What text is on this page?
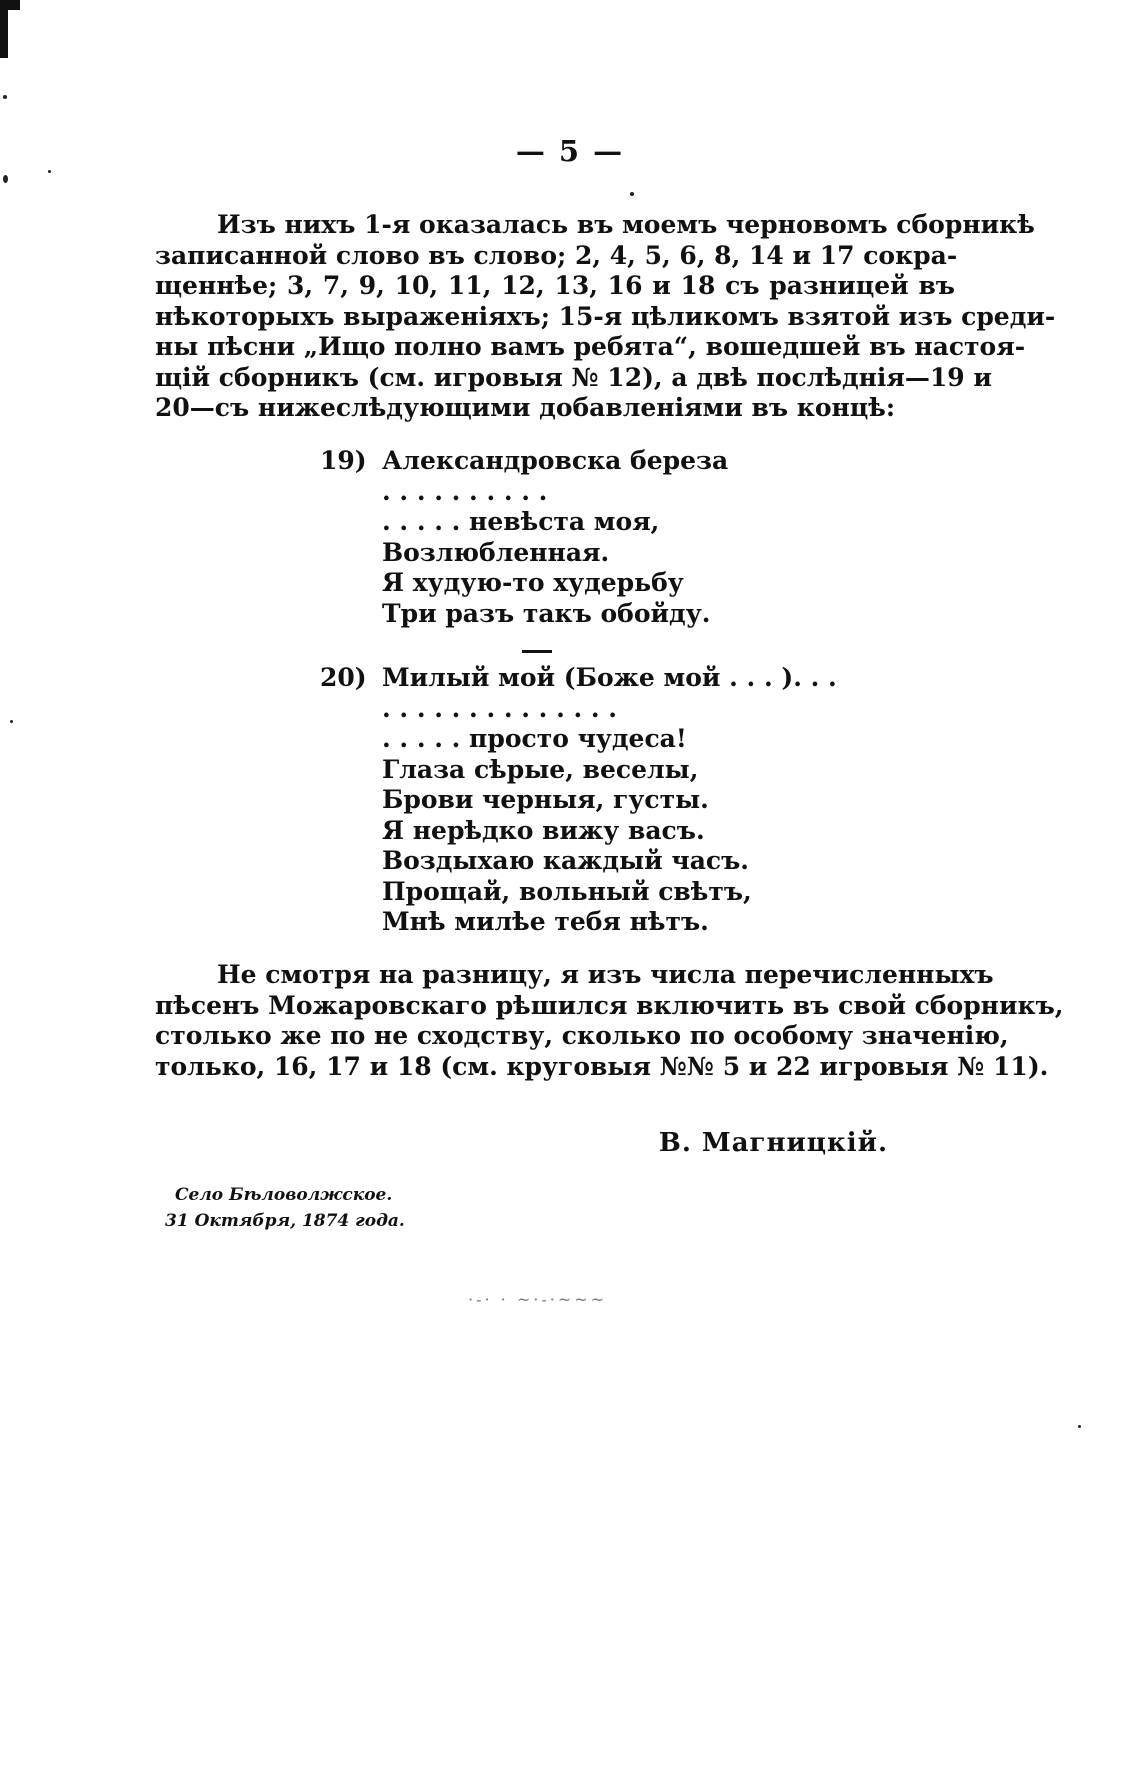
— 5 —
Изъ нихъ 1-я оказалась въ моемъ черновомъ сборникѣ
записанной слово въ слово; 2, 4, 5, 6, 8, 14 и 17 сокра-
щеннѣе; 3, 7, 9, 10, 11, 12, 13, 16 и 18 съ разницей въ
нѣкоторыхъ выраженіяхъ; 15-я цѣликомъ взятой изъ среди-
ны пѣсни „Ищо полно вамъ ребята“, вошедшей въ настоя-
щій сборникъ (см. игровыя № 12), а двѣ послѣднія—19 и
20—съ нижеслѣдующими добавленіями въ концѣ:
19) Александровска береза
. . . . . . . . . .
. . . . . невѣста моя,
Возлюбленная.
Я худую-то худерьбу
Три разъ такъ обойду.
20) Милый мой (Боже мой . . . ). . .
. . . . . . . . . . . . . .
. . . . . просто чудеса!
Глаза сѣрые, веселы,
Брови черныя, густы.
Я нерѣдко вижу васъ.
Воздыхаю каждый часъ.
Прощай, вольный свѣтъ,
Мнѣ милѣе тебя нѣтъ.
Не смотря на разницу, я изъ числа перечисленныхъ
пѣсенъ Можаровскаго рѣшился включить въ свой сборникъ,
столько же по не сходству, сколько по особому значенію,
только, 16, 17 и 18 (см. круговыя №№ 5 и 22 игровыя № 11).
В. Магницкій.
Село Бѣловолжское.
31 Октября, 1874 года.
·-· · ~·-·~~~
